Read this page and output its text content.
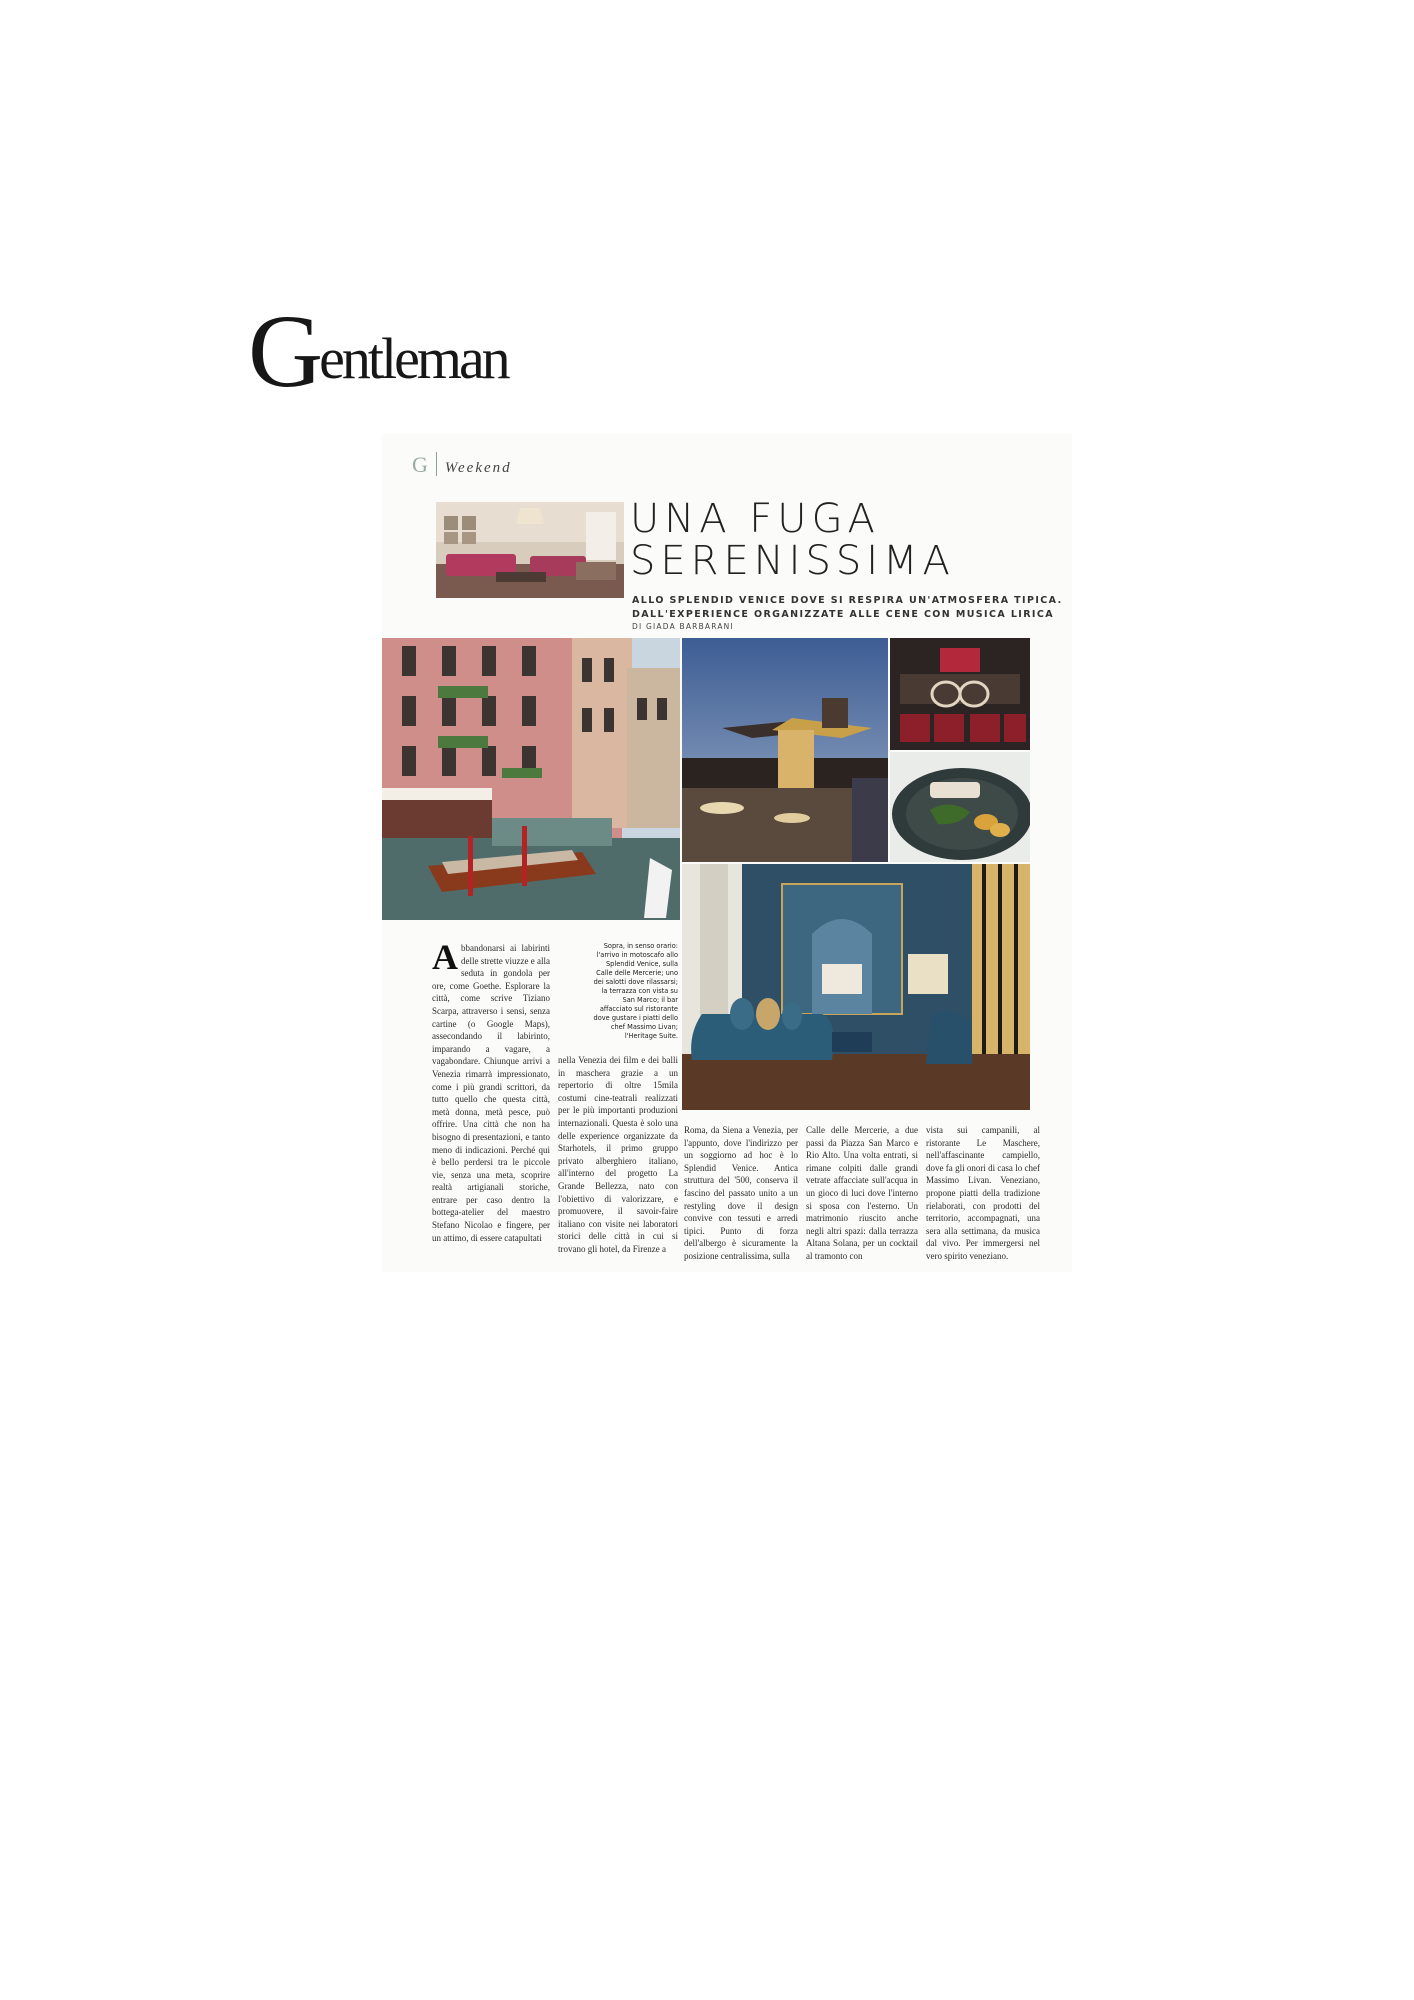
Gentleman
G Weekend
UNA FUGA
SERENISSIMA
ALLO SPLENDID VENICE DOVE SI RESPIRA UN'ATMOSFERA TIPICA.
DALL'EXPERIENCE ORGANIZZATE ALLE CENE CON MUSICA LIRICA
DI GIADA BARBARANI
Abbandonarsi ai labirinti delle strette viuzze e alla seduta in gondola per ore, come Goethe. Esplorare la città, come scrive Tiziano Scarpa, attraverso i sensi, senza cartine (o Google Maps), assecondando il labirinto, imparando a vagare, a vagabondare. Chiunque arrivi a Venezia rimarrà impressionato, come i più grandi scrittori, da tutto quello che questa città, metà donna, metà pesce, può offrire. Una città che non ha bisogno di presentazioni, e tanto meno di indicazioni. Perché qui è bello perdersi tra le piccole vie, senza una meta, scoprire realtà artigianali storiche, entrare per caso dentro la bottega-atelier del maestro Stefano Nicolao e fingere, per un attimo, di essere catapultati
Sopra, in senso orario: l'arrivo in motoscafo allo Splendid Venice, sulla Calle delle Mercerie; uno dei salotti dove rilassarsi; la terrazza con vista su San Marco; il bar affacciato sul ristorante dove gustare i piatti dello chef Massimo Livan; l'Heritage Suite.
nella Venezia dei film e dei balli in maschera grazie a un repertorio di oltre 15mila costumi cine-teatrali realizzati per le più importanti produzioni internazionali. Questa è solo una delle experience organizzate da Starhotels, il primo gruppo privato alberghiero italiano, all'interno del progetto La Grande Bellezza, nato con l'obiettivo di valorizzare, e promuovere, il savoir-faire italiano con visite nei laboratori storici delle città in cui si trovano gli hotel, da Firenze a
Roma, da Siena a Venezia, per l'appunto, dove l'indirizzo per un soggiorno ad hoc è lo Splendid Venice. Antica struttura del '500, conserva il fascino del passato unito a un restyling dove il design convive con tessuti e arredi tipici. Punto di forza dell'albergo è sicuramente la posizione centralissima, sulla
Calle delle Mercerie, a due passi da Piazza San Marco e Rio Alto. Una volta entrati, si rimane colpiti dalle grandi vetrate affacciate sull'acqua in un gioco di luci dove l'interno si sposa con l'esterno. Un matrimonio riuscito anche negli altri spazi: dalla terrazza Altana Solana, per un cocktail al tramonto con
vista sui campanili, al ristorante Le Maschere, nell'affascinante campiello, dove fa gli onori di casa lo chef Massimo Livan. Veneziano, propone piatti della tradizione rielaborati, con prodotti del territorio, accompagnati, una sera alla settimana, da musica dal vivo. Per immergersi nel vero spirito veneziano.
